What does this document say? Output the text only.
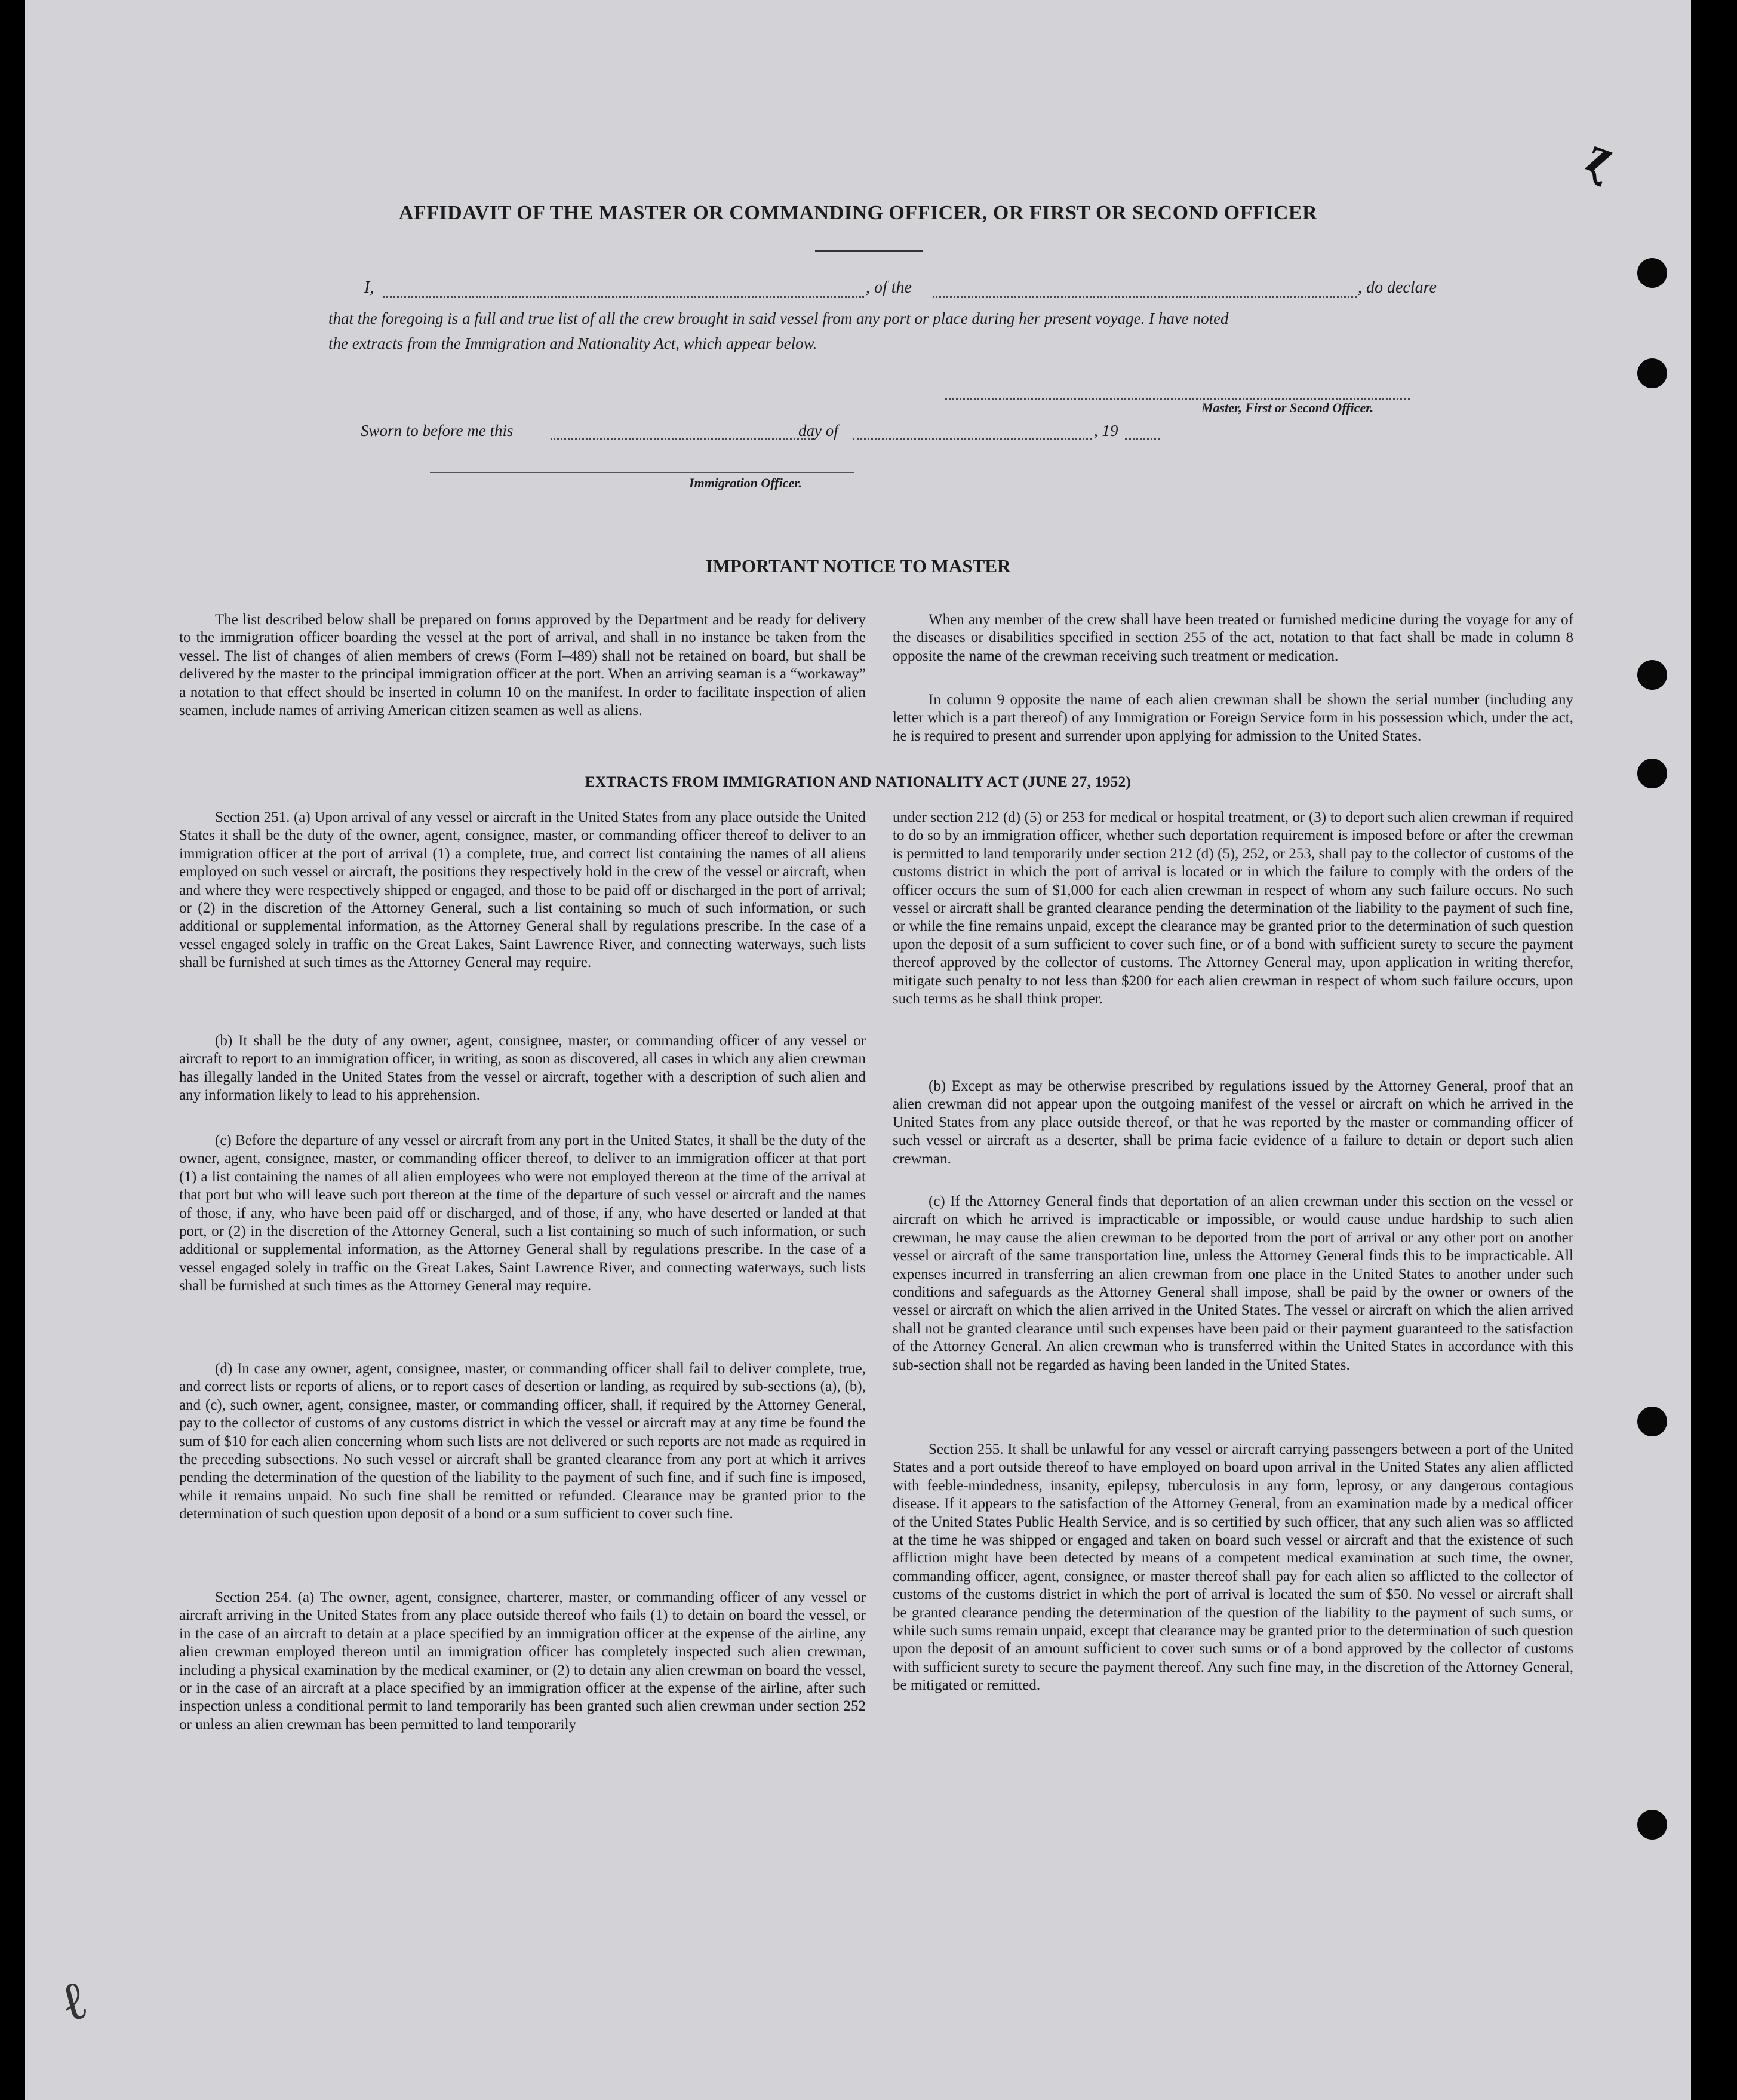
ɀ
ℓ
AFFIDAVIT OF THE MASTER OR COMMANDING OFFICER, OR FIRST OR SECOND OFFICER
I,	, of the	, do declare
that the foregoing is a full and true list of all the crew brought in said vessel from any port or place during her present voyage. I have noted
the extracts from the Immigration and Nationality Act, which appear below.
Master, First or Second Officer.
Sworn to before me this	day of	, 19
Immigration Officer.
IMPORTANT NOTICE TO MASTER

The list described below shall be prepared on forms approved by the Department and be ready for delivery to the immigration officer boarding the vessel at the port of arrival, and shall in no instance be taken from the vessel. The list of changes of alien members of crews (Form I–489) shall not be retained on board, but shall be delivered by the master to the principal immigration officer at the port. When an arriving seaman is a “workaway” a notation to that effect should be inserted in column 10 on the manifest. In order to facilitate inspection of alien seamen, include names of arriving American citizen seamen as well as aliens.

When any member of the crew shall have been treated or furnished medicine during the voyage for any of the diseases or disabilities specified in section 255 of the act, notation to that fact shall be made in column 8 opposite the name of the crewman receiving such treatment or medication.

In column 9 opposite the name of each alien crewman shall be shown the serial number (including any letter which is a part thereof) of any Immigration or Foreign Service form in his possession which, under the act, he is required to present and surrender upon applying for admission to the United States.

EXTRACTS FROM IMMIGRATION AND NATIONALITY ACT (JUNE 27, 1952)

Section 251. (a) Upon arrival of any vessel or aircraft in the United States from any place outside the United States it shall be the duty of the owner, agent, consignee, master, or commanding officer thereof to deliver to an immigration officer at the port of arrival (1) a complete, true, and correct list containing the names of all aliens employed on such vessel or aircraft, the positions they respectively hold in the crew of the vessel or aircraft, when and where they were respectively shipped or engaged, and those to be paid off or discharged in the port of arrival; or (2) in the discretion of the Attorney General, such a list containing so much of such information, or such additional or supplemental information, as the Attorney General shall by regulations prescribe. In the case of a vessel engaged solely in traffic on the Great Lakes, Saint Lawrence River, and connecting waterways, such lists shall be furnished at such times as the Attorney General may require.

(b) It shall be the duty of any owner, agent, consignee, master, or commanding officer of any vessel or aircraft to report to an immigration officer, in writing, as soon as discovered, all cases in which any alien crewman has illegally landed in the United States from the vessel or aircraft, together with a description of such alien and any information likely to lead to his apprehension.

(c) Before the departure of any vessel or aircraft from any port in the United States, it shall be the duty of the owner, agent, consignee, master, or commanding officer thereof, to deliver to an immigration officer at that port (1) a list containing the names of all alien employees who were not employed thereon at the time of the arrival at that port but who will leave such port thereon at the time of the departure of such vessel or aircraft and the names of those, if any, who have been paid off or discharged, and of those, if any, who have deserted or landed at that port, or (2) in the discretion of the Attorney General, such a list containing so much of such information, or such additional or supplemental information, as the Attorney General shall by regulations prescribe. In the case of a vessel engaged solely in traffic on the Great Lakes, Saint Lawrence River, and connecting waterways, such lists shall be furnished at such times as the Attorney General may require.

(d) In case any owner, agent, consignee, master, or commanding officer shall fail to deliver complete, true, and correct lists or reports of aliens, or to report cases of desertion or landing, as required by sub-sections (a), (b), and (c), such owner, agent, consignee, master, or commanding officer, shall, if required by the Attorney General, pay to the collector of customs of any customs district in which the vessel or aircraft may at any time be found the sum of $10 for each alien concerning whom such lists are not delivered or such reports are not made as required in the preceding subsections. No such vessel or aircraft shall be granted clearance from any port at which it arrives pending the determination of the question of the liability to the payment of such fine, and if such fine is imposed, while it remains unpaid. No such fine shall be remitted or refunded. Clearance may be granted prior to the determination of such question upon deposit of a bond or a sum sufficient to cover such fine.

Section 254. (a) The owner, agent, consignee, charterer, master, or commanding officer of any vessel or aircraft arriving in the United States from any place outside thereof who fails (1) to detain on board the vessel, or in the case of an aircraft to detain at a place specified by an immigration officer at the expense of the airline, any alien crewman employed thereon until an immigration officer has completely inspected such alien crewman, including a physical examination by the medical examiner, or (2) to detain any alien crewman on board the vessel, or in the case of an aircraft at a place specified by an immigration officer at the expense of the airline, after such inspection unless a conditional permit to land temporarily has been granted such alien crewman under section 252 or unless an alien crewman has been permitted to land temporarily

under section 212 (d) (5) or 253 for medical or hospital treatment, or (3) to deport such alien crewman if required to do so by an immigration officer, whether such deportation requirement is imposed before or after the crewman is permitted to land temporarily under section 212 (d) (5), 252, or 253, shall pay to the collector of customs of the customs district in which the port of arrival is located or in which the failure to comply with the orders of the officer occurs the sum of $1,000 for each alien crewman in respect of whom any such failure occurs. No such vessel or aircraft shall be granted clearance pending the determination of the liability to the payment of such fine, or while the fine remains unpaid, except the clearance may be granted prior to the determination of such question upon the deposit of a sum sufficient to cover such fine, or of a bond with sufficient surety to secure the payment thereof approved by the collector of customs. The Attorney General may, upon application in writing therefor, mitigate such penalty to not less than $200 for each alien crewman in respect of whom such failure occurs, upon such terms as he shall think proper.

(b) Except as may be otherwise prescribed by regulations issued by the Attorney General, proof that an alien crewman did not appear upon the outgoing manifest of the vessel or aircraft on which he arrived in the United States from any place outside thereof, or that he was reported by the master or commanding officer of such vessel or aircraft as a deserter, shall be prima facie evidence of a failure to detain or deport such alien crewman.

(c) If the Attorney General finds that deportation of an alien crewman under this section on the vessel or aircraft on which he arrived is impracticable or impossible, or would cause undue hardship to such alien crewman, he may cause the alien crewman to be deported from the port of arrival or any other port on another vessel or aircraft of the same transportation line, unless the Attorney General finds this to be impracticable. All expenses incurred in transferring an alien crewman from one place in the United States to another under such conditions and safeguards as the Attorney General shall impose, shall be paid by the owner or owners of the vessel or aircraft on which the alien arrived in the United States. The vessel or aircraft on which the alien arrived shall not be granted clearance until such expenses have been paid or their payment guaranteed to the satisfaction of the Attorney General. An alien crewman who is transferred within the United States in accordance with this sub-section shall not be regarded as having been landed in the United States.

Section 255. It shall be unlawful for any vessel or aircraft carrying passengers between a port of the United States and a port outside thereof to have employed on board upon arrival in the United States any alien afflicted with feeble-mindedness, insanity, epilepsy, tuberculosis in any form, leprosy, or any dangerous contagious disease. If it appears to the satisfaction of the Attorney General, from an examination made by a medical officer of the United States Public Health Service, and is so certified by such officer, that any such alien was so afflicted at the time he was shipped or engaged and taken on board such vessel or aircraft and that the existence of such affliction might have been detected by means of a competent medical examination at such time, the owner, commanding officer, agent, consignee, or master thereof shall pay for each alien so afflicted to the collector of customs of the customs district in which the port of arrival is located the sum of $50. No vessel or aircraft shall be granted clearance pending the determination of the question of the liability to the payment of such sums, or while such sums remain unpaid, except that clearance may be granted prior to the determination of such question upon the deposit of an amount sufficient to cover such sums or of a bond approved by the collector of customs with sufficient surety to secure the payment thereof. Any such fine may, in the discretion of the Attorney General, be mitigated or remitted.
